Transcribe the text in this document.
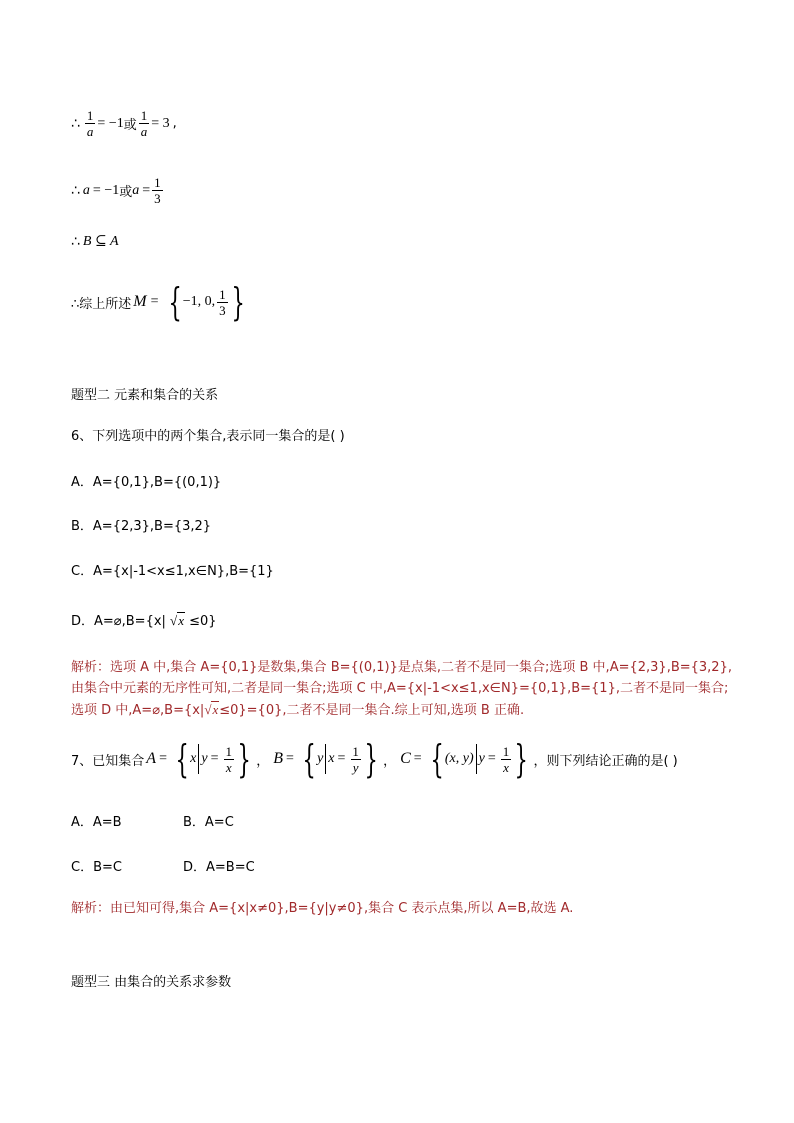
∴ $\frac{1}{a} = -1$ 或 $\frac{1}{a} = 3$ ,
∴ a = −1 或 $a = \frac{1}{3}$
∴ B ⊆ A
∴综上所述 M = { −1, 0, $\frac{1}{3}$ }
题型二 元素和集合的关系
6、下列选项中的两个集合,表示同一集合的是( )
A．A={0,1},B={(0,1)}
B．A={2,3},B={3,2}
C．A={x|-1<x≤1,x∈N},B={1}
D．A=⌀,B={x| √x ≤0}
解析：选项 A 中,集合 A={0,1}是数集,集合 B={(0,1)}是点集,二者不是同一集合;选项 B 中,A={2,3},B={3,2},
由集合中元素的无序性可知,二者是同一集合;选项 C 中,A={x|-1<x≤1,x∈N}={0,1},B={1},二者不是同一集合;
选项 D 中,A=⌀,B={x|√x≤0}={0},二者不是同一集合.综上可知,选项 B 正确.
7、已知集合 A = { x $y = \frac{1}{x}$ } ， B = { y $x = \frac{1}{y}$ } ， C = { (x, y) $y = \frac{1}{x}$ } ，则下列结论正确的是( )
A．A=B	B．A=C
C．B=C	D．A=B=C
解析：由已知可得,集合 A={x|x≠0},B={y|y≠0},集合 C 表示点集,所以 A=B,故选 A.
题型三 由集合的关系求参数
